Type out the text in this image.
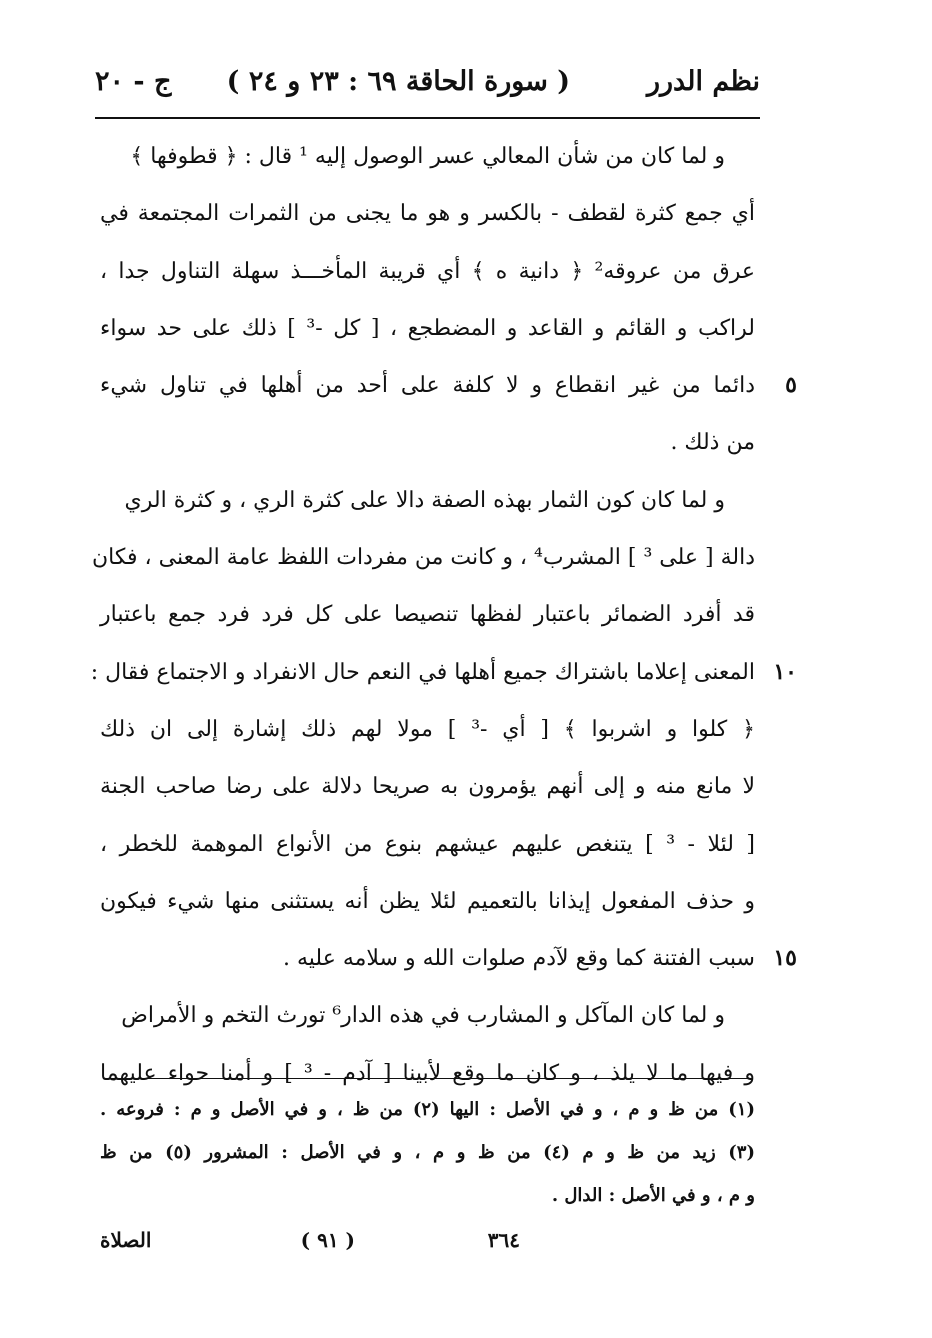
نظم الدرر
( سورة الحاقة ٦٩ : ٢٣ و ٢٤ )
ج - ٢٠
و لما كان من شأن المعالي عسر الوصول إليه ¹ قال : ﴿ قطوفها ﴾
أي جمع كثرة لقطف - بالكسر و هو ما يجنى من الثمرات المجتمعة في
عرق من عروقه² ﴿ دانية ه ﴾ أي قريبة المأخـــذ سهلة التناول جدا ،
لراكب و القائم و القاعد و المضطجع ، [ كل -³ ] ذلك على حد سواء
دائما من غير انقطاع و لا كلفة على أحد من أهلها في تناول شيء	٥
من ذلك .
و لما كان كون الثمار بهذه الصفة دالا على كثرة الري ، و كثرة الري
دالة [ على ³ ] المشرب⁴ ، و كانت من مفردات اللفظ عامة المعنى ، فكان
قد أفرد الضمائر باعتبار لفظها تنصيصا على كل فرد فرد جمع باعتبار
المعنى إعلاما باشتراك جميع أهلها في النعم حال الانفراد و الاجتماع فقال : ١٠
﴿ كلوا و اشربوا ﴾ [ أي -³ ] مولا لهم ذلك إشارة إلى ان ذلك
لا مانع منه و إلى أنهم يؤمرون به صريحا دلالة على رضا صاحب الجنة
[ لئلا - ³ ] يتنغص عليهم عيشهم بنوع من الأنواع الموهمة للخطر ،
و حذف المفعول إيذانا بالتعميم لئلا يظن أنه يستثنى منها شيء فيكون
سبب الفتنة كما وقع لآدم صلوات الله و سلامه عليه . ١٥
و لما كان المآكل و المشارب في هذه الدار⁶ تورث التخم و الأمراض
و فيها ما لا يلذ ، و كان ما وقع لأبينا [ آدم - ³ ] و أمنا حواء عليهما
(١) من ظ و م ، و في الأصل : اليها (٢) من ظ ، و في الأصل و م : فروعه .
(٣) زيد من ظ و م (٤) من ظ و م ، و في الأصل : المشرور (٥) من ظ
و م ، و في الأصل : الدال .
٣٦٤
( ٩١ )
الصلاة
